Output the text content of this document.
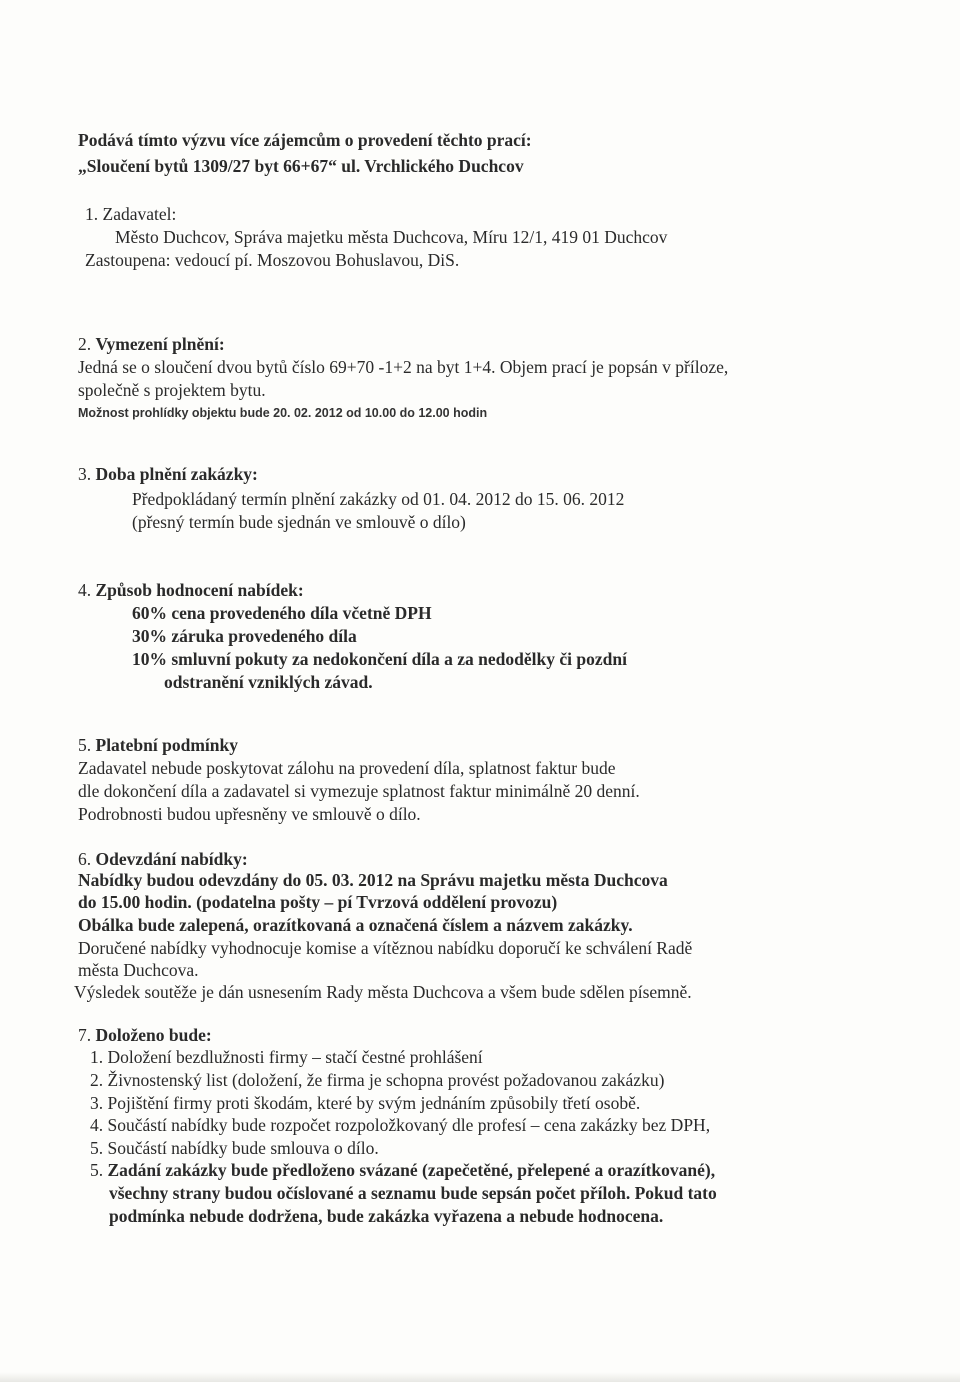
Podává tímto výzvu více zájemcům o provedení těchto prací:
„Sloučení bytů 1309/27 byt 66+67“ ul. Vrchlického Duchcov
1. Zadavatel:
Město Duchcov, Správa majetku města Duchcova, Míru 12/1, 419 01 Duchcov
Zastoupena: vedoucí pí. Moszovou Bohuslavou, DiS.
2. Vymezení plnění:
Jedná se o sloučení dvou bytů číslo 69+70 -1+2 na byt 1+4. Objem prací je popsán v příloze,
společně s projektem bytu.
Možnost prohlídky objektu bude 20. 02. 2012 od 10.00 do 12.00 hodin
3. Doba plnění zakázky:
Předpokládaný termín plnění zakázky od 01. 04. 2012 do 15. 06. 2012
(přesný termín bude sjednán ve smlouvě o dílo)
4. Způsob hodnocení nabídek:
60% cena provedeného díla včetně DPH
30% záruka provedeného díla
10% smluvní pokuty za nedokončení díla a za nedodělky či pozdní
odstranění vzniklých závad.
5. Platební podmínky
Zadavatel nebude poskytovat zálohu na provedení díla, splatnost faktur bude
dle dokončení díla a zadavatel si vymezuje splatnost faktur minimálně 20 denní.
Podrobnosti budou upřesněny ve smlouvě o dílo.
6. Odevzdání nabídky:
Nabídky budou odevzdány do 05. 03. 2012 na Správu majetku města Duchcova
do 15.00 hodin. (podatelna pošty – pí Tvrzová oddělení provozu)
Obálka bude zalepená, orazítkovaná a označená číslem a názvem zakázky.
Doručené nabídky vyhodnocuje komise a vítěznou nabídku doporučí ke schválení Radě
města Duchcova.
Výsledek soutěže je dán usnesením Rady města Duchcova a všem bude sdělen písemně.
7. Doloženo bude:
1. Doložení bezdlužnosti firmy – stačí čestné prohlášení
2. Živnostenský list (doložení, že firma je schopna provést požadovanou zakázku)
3. Pojištění firmy proti škodám, které by svým jednáním způsobily třetí osobě.
4. Součástí nabídky bude rozpočet rozpoložkovaný dle profesí – cena zakázky bez DPH,
5. Součástí nabídky bude smlouva o dílo.
5. Zadání zakázky bude předloženo svázané (zapečetěné, přelepené a orazítkované),
všechny strany budou očíslované a seznamu bude sepsán počet příloh. Pokud tato
podmínka nebude dodržena, bude zakázka vyřazena a nebude hodnocena.
